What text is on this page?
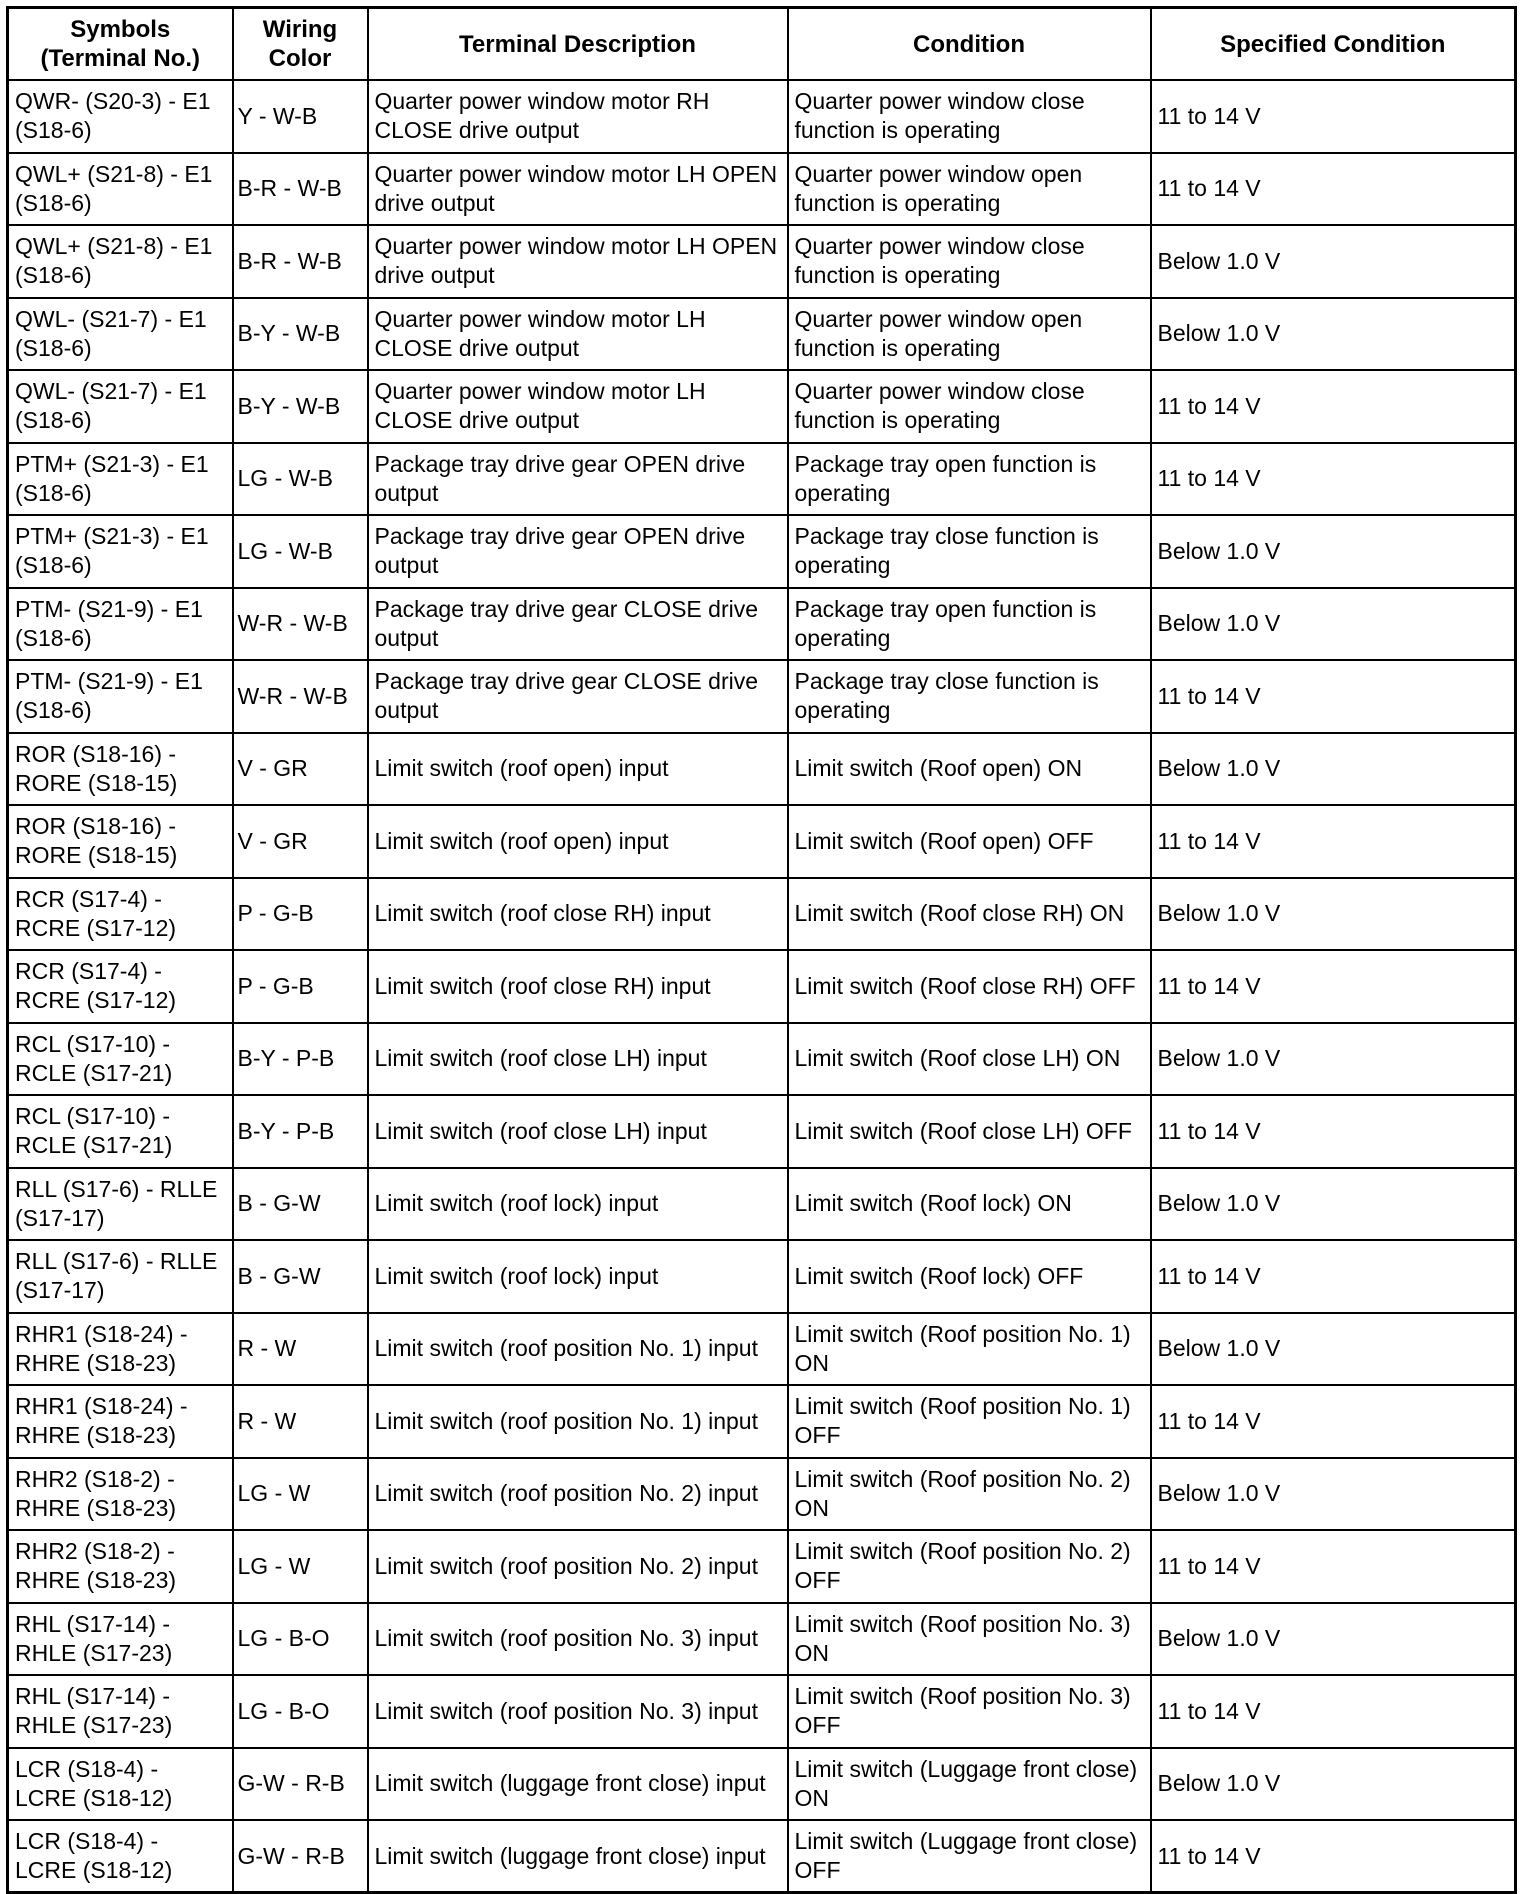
Symbols (Terminal No.)	Wiring Color	Terminal Description	Condition	Specified Condition
QWR- (S20-3) - E1 (S18-6)	Y - W-B	Quarter power window motor RH CLOSE drive output	Quarter power window close function is operating	11 to 14 V
QWL+ (S21-8) - E1 (S18-6)	B-R - W-B	Quarter power window motor LH OPEN drive output	Quarter power window open function is operating	11 to 14 V
QWL+ (S21-8) - E1 (S18-6)	B-R - W-B	Quarter power window motor LH OPEN drive output	Quarter power window close function is operating	Below 1.0 V
QWL- (S21-7) - E1 (S18-6)	B-Y - W-B	Quarter power window motor LH CLOSE drive output	Quarter power window open function is operating	Below 1.0 V
QWL- (S21-7) - E1 (S18-6)	B-Y - W-B	Quarter power window motor LH CLOSE drive output	Quarter power window close function is operating	11 to 14 V
PTM+ (S21-3) - E1 (S18-6)	LG - W-B	Package tray drive gear OPEN drive output	Package tray open function is operating	11 to 14 V
PTM+ (S21-3) - E1 (S18-6)	LG - W-B	Package tray drive gear OPEN drive output	Package tray close function is operating	Below 1.0 V
PTM- (S21-9) - E1 (S18-6)	W-R - W-B	Package tray drive gear CLOSE drive output	Package tray open function is operating	Below 1.0 V
PTM- (S21-9) - E1 (S18-6)	W-R - W-B	Package tray drive gear CLOSE drive output	Package tray close function is operating	11 to 14 V
ROR (S18-16) - RORE (S18-15)	V - GR	Limit switch (roof open) input	Limit switch (Roof open) ON	Below 1.0 V
ROR (S18-16) - RORE (S18-15)	V - GR	Limit switch (roof open) input	Limit switch (Roof open) OFF	11 to 14 V
RCR (S17-4) - RCRE (S17-12)	P - G-B	Limit switch (roof close RH) input	Limit switch (Roof close RH) ON	Below 1.0 V
RCR (S17-4) - RCRE (S17-12)	P - G-B	Limit switch (roof close RH) input	Limit switch (Roof close RH) OFF	11 to 14 V
RCL (S17-10) - RCLE (S17-21)	B-Y - P-B	Limit switch (roof close LH) input	Limit switch (Roof close LH) ON	Below 1.0 V
RCL (S17-10) - RCLE (S17-21)	B-Y - P-B	Limit switch (roof close LH) input	Limit switch (Roof close LH) OFF	11 to 14 V
RLL (S17-6) - RLLE (S17-17)	B - G-W	Limit switch (roof lock) input	Limit switch (Roof lock) ON	Below 1.0 V
RLL (S17-6) - RLLE (S17-17)	B - G-W	Limit switch (roof lock) input	Limit switch (Roof lock) OFF	11 to 14 V
RHR1 (S18-24) - RHRE (S18-23)	R - W	Limit switch (roof position No. 1) input	Limit switch (Roof position No. 1) ON	Below 1.0 V
RHR1 (S18-24) - RHRE (S18-23)	R - W	Limit switch (roof position No. 1) input	Limit switch (Roof position No. 1) OFF	11 to 14 V
RHR2 (S18-2) - RHRE (S18-23)	LG - W	Limit switch (roof position No. 2) input	Limit switch (Roof position No. 2) ON	Below 1.0 V
RHR2 (S18-2) - RHRE (S18-23)	LG - W	Limit switch (roof position No. 2) input	Limit switch (Roof position No. 2) OFF	11 to 14 V
RHL (S17-14) - RHLE (S17-23)	LG - B-O	Limit switch (roof position No. 3) input	Limit switch (Roof position No. 3) ON	Below 1.0 V
RHL (S17-14) - RHLE (S17-23)	LG - B-O	Limit switch (roof position No. 3) input	Limit switch (Roof position No. 3) OFF	11 to 14 V
LCR (S18-4) - LCRE (S18-12)	G-W - R-B	Limit switch (luggage front close) input	Limit switch (Luggage front close) ON	Below 1.0 V
LCR (S18-4) - LCRE (S18-12)	G-W - R-B	Limit switch (luggage front close) input	Limit switch (Luggage front close) OFF	11 to 14 V
